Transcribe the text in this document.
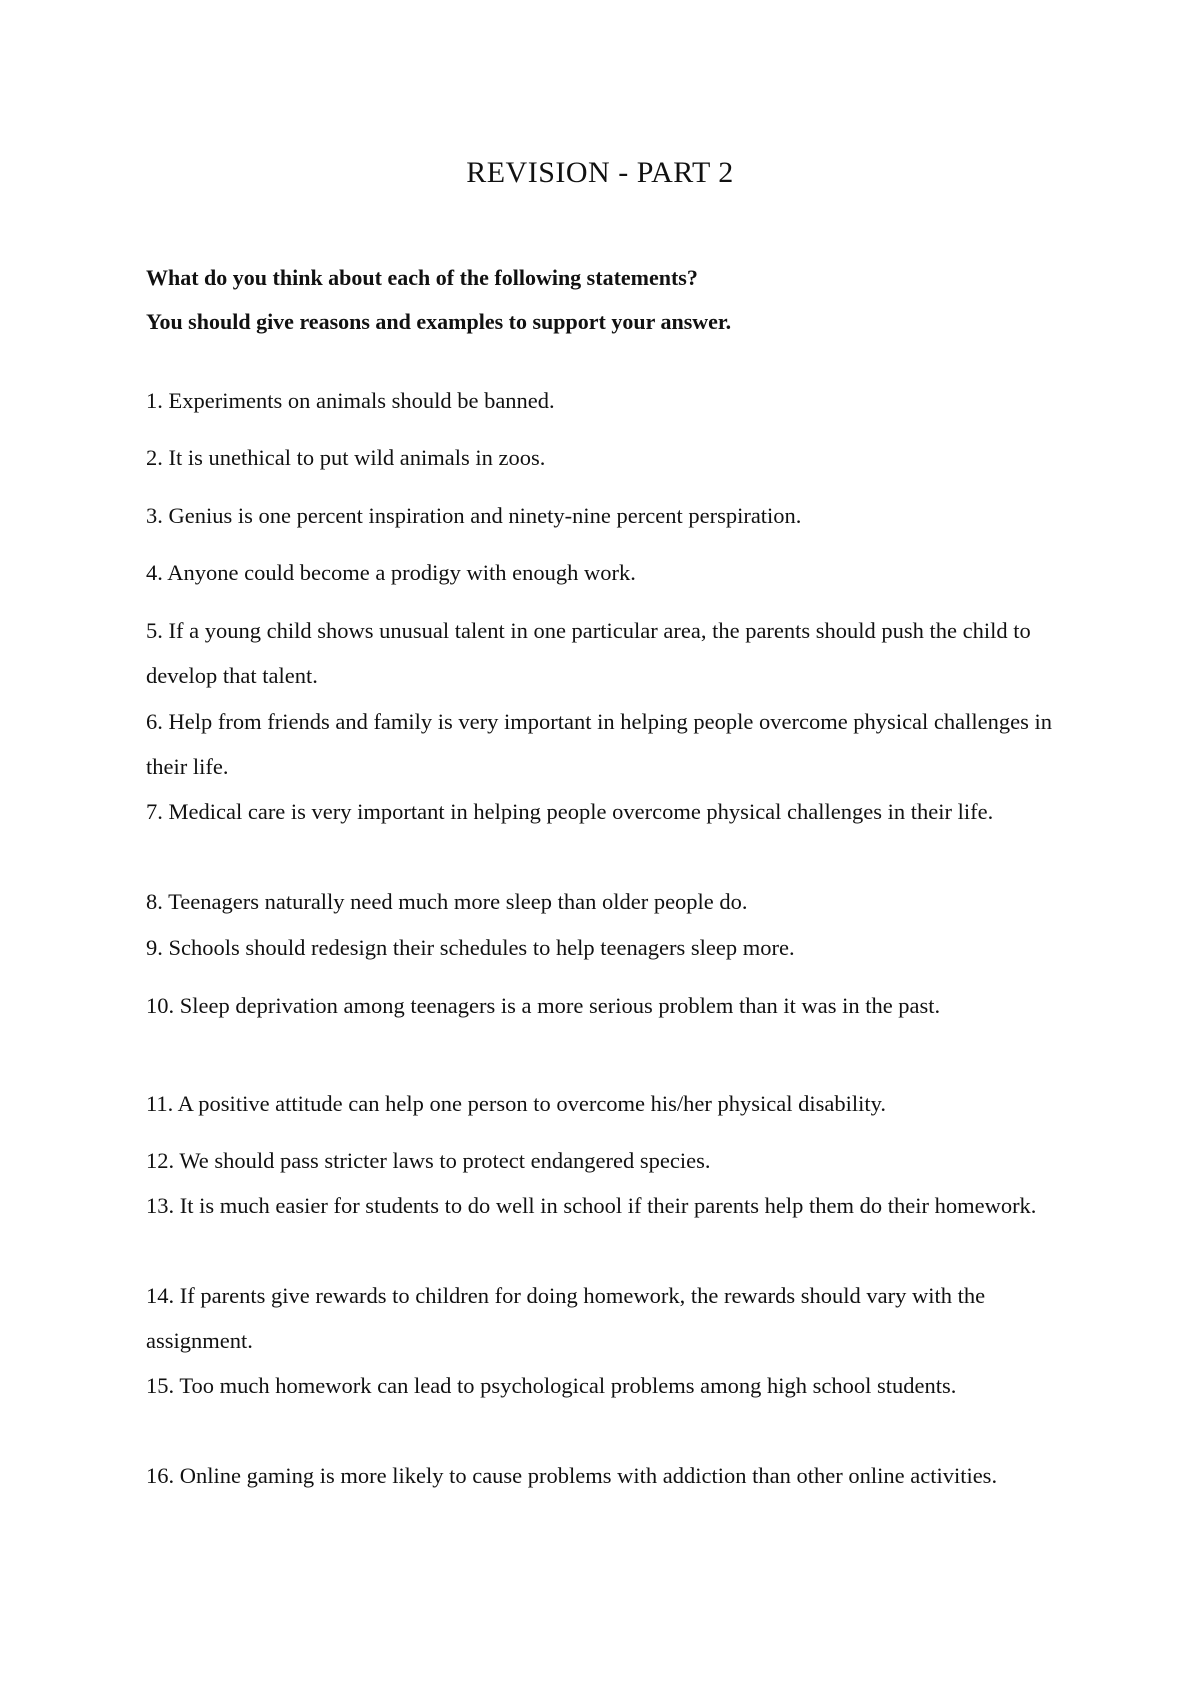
REVISION - PART 2

What do you think about each of the following statements?

You should give reasons and examples to support your answer.

1. Experiments on animals should be banned.

2. It is unethical to put wild animals in zoos.

3. Genius is one percent inspiration and ninety-nine percent perspiration.

4. Anyone could become a prodigy with enough work.

5. If a young child shows unusual talent in one particular area, the parents should push the child to develop that talent.

6. Help from friends and family is very important in helping people overcome physical challenges in their life.

7. Medical care is very important in helping people overcome physical challenges in their life.

8. Teenagers naturally need much more sleep than older people do.

9. Schools should redesign their schedules to help teenagers sleep more.

10. Sleep deprivation among teenagers is a more serious problem than it was in the past.

11. A positive attitude can help one person to overcome his/her physical disability.

12. We should pass stricter laws to protect endangered species.

13. It is much easier for students to do well in school if their parents help them do their homework.

14. If parents give rewards to children for doing homework, the rewards should vary with the assignment.

15. Too much homework can lead to psychological problems among high school students.

16. Online gaming is more likely to cause problems with addiction than other online activities.
